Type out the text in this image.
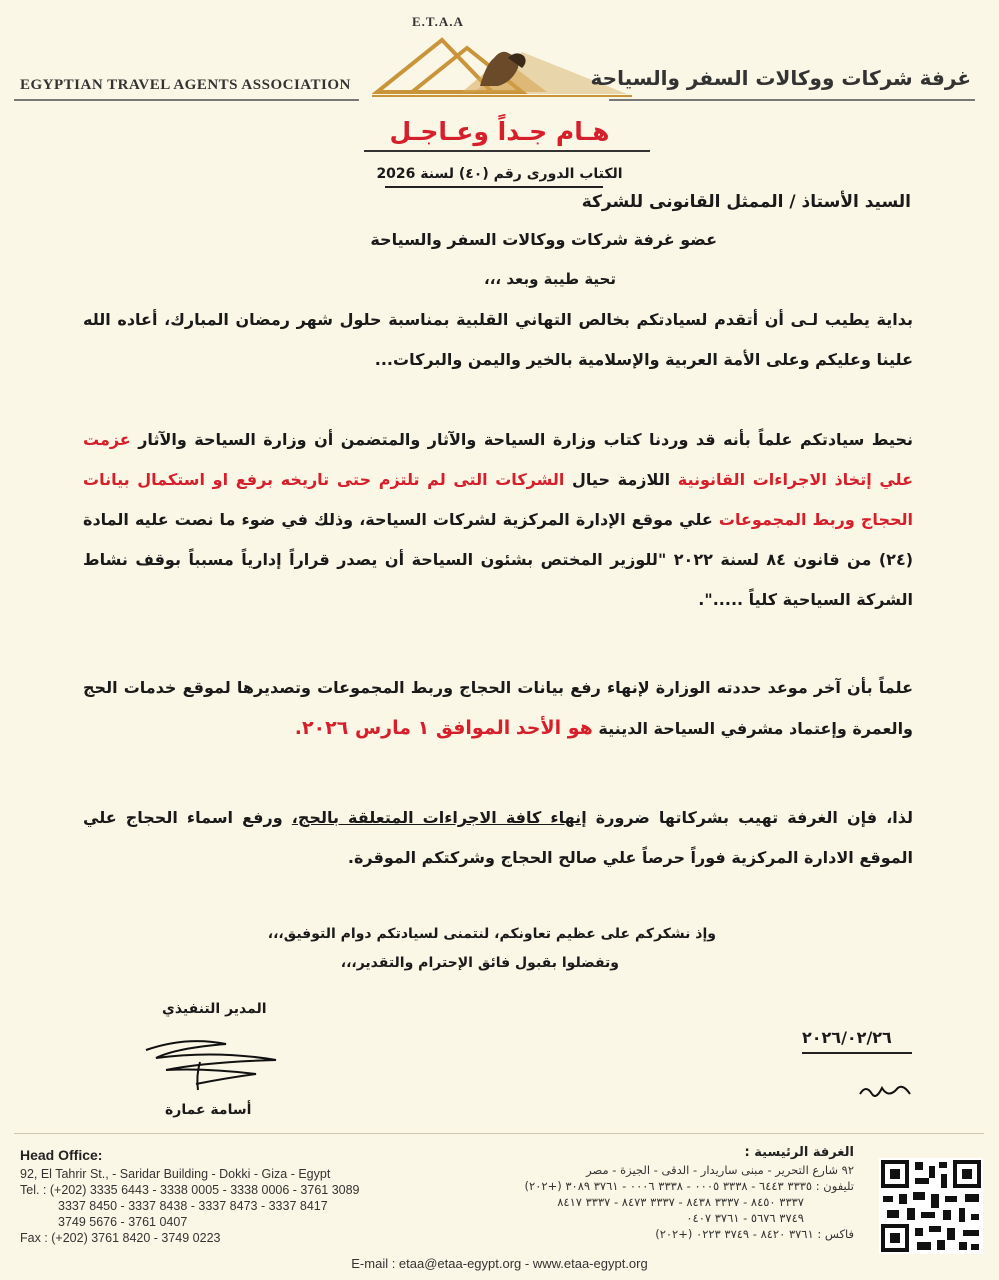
EGYPTIAN TRAVEL AGENTS ASSOCIATION
E.T.A.A
غرفة شركات ووكالات السفر والسياحة
هـام جـداً وعـاجـل
الكتاب الدورى رقم (٤٠) لسنة 2026
السيد الأستاذ / الممثل القانونى للشركة
عضو غرفة شركات ووكالات السفر والسياحة
تحية طيبة وبعد ،،،
بداية يطيب لـى أن أتقدم لسيادتكم بخالص التهاني القلبية بمناسبة حلول شهر رمضان المبارك، أعاده الله علينا وعليكم وعلى الأمة العربية والإسلامية بالخير واليمن والبركات...
نحيط سيادتكم علماً بأنه قد وردنا كتاب وزارة السياحة والآثار والمتضمن أن وزارة السياحة والآثار عزمت علي إتخاذ الاجراءات القانونية اللازمة حيال الشركات التى لم تلتزم حتى تاريخه برفع او استكمال بيانات الحجاج وربط المجموعات علي موقع الإدارة المركزية لشركات السياحة، وذلك في ضوء ما نصت عليه المادة (٢٤) من قانون ٨٤ لسنة ٢٠٢٢ "للوزير المختص بشئون السياحة أن يصدر قراراً إدارياً مسبباً بوقف نشاط الشركة السياحية كلياً .....".
علماً بأن آخر موعد حددته الوزارة لإنهاء رفع بيانات الحجاج وربط المجموعات وتصديرها لموقع خدمات الحج والعمرة وإعتماد مشرفي السياحة الدينية هو الأحد الموافق ١ مارس ٢٠٢٦.
لذا، فإن الغرفة تهيب بشركاتها ضرورة إنهاء كافة الاجراءات المتعلقة بالحج، ورفع اسماء الحجاج علي الموقع الادارة المركزية فوراً حرصاً علي صالح الحجاج وشركتكم الموقرة.
وإذ نشكركم على عظيم تعاونكم، لنتمنى لسيادتكم دوام التوفيق،،،
وتفضلوا بقبول فائق الإحترام والتقدير،،،
المدير التنفيذي
أسامة عمارة
٢٠٢٦/٠٢/٢٦
Head Office:
92, El Tahrir St., - Saridar Building - Dokki - Giza - Egypt
Tel. : (+202) 3335 6443 - 3338 0005 - 3338 0006 - 3761 3089
3337 8450 - 3337 8438 - 3337 8473 - 3337 8417
3749 5676 - 3761 0407
Fax : (+202) 3761 8420 - 3749 0223
الغرفة الرئيسية :
٩٢ شارع التحرير - مبنى ساريدار - الدقى - الجيزة - مصر
تليفون : ٣٣٣٥ ٦٤٤٣ - ٣٣٣٨ ٠٠٠٥ - ٣٣٣٨ ٠٠٠٦ - ٣٧٦١ ٣٠٨٩ (+٢٠٢)
٣٣٣٧ ٨٤٥٠ - ٣٣٣٧ ٨٤٣٨ - ٣٣٣٧ ٨٤٧٣ - ٣٣٣٧ ٨٤١٧
٣٧٤٩ ٥٦٧٦ - ٣٧٦١ ٠٤٠٧
فاكس : ٣٧٦١ ٨٤٢٠ - ٣٧٤٩ ٠٢٢٣ (+٢٠٢)
E-mail : etaa@etaa-egypt.org - www.etaa-egypt.org
